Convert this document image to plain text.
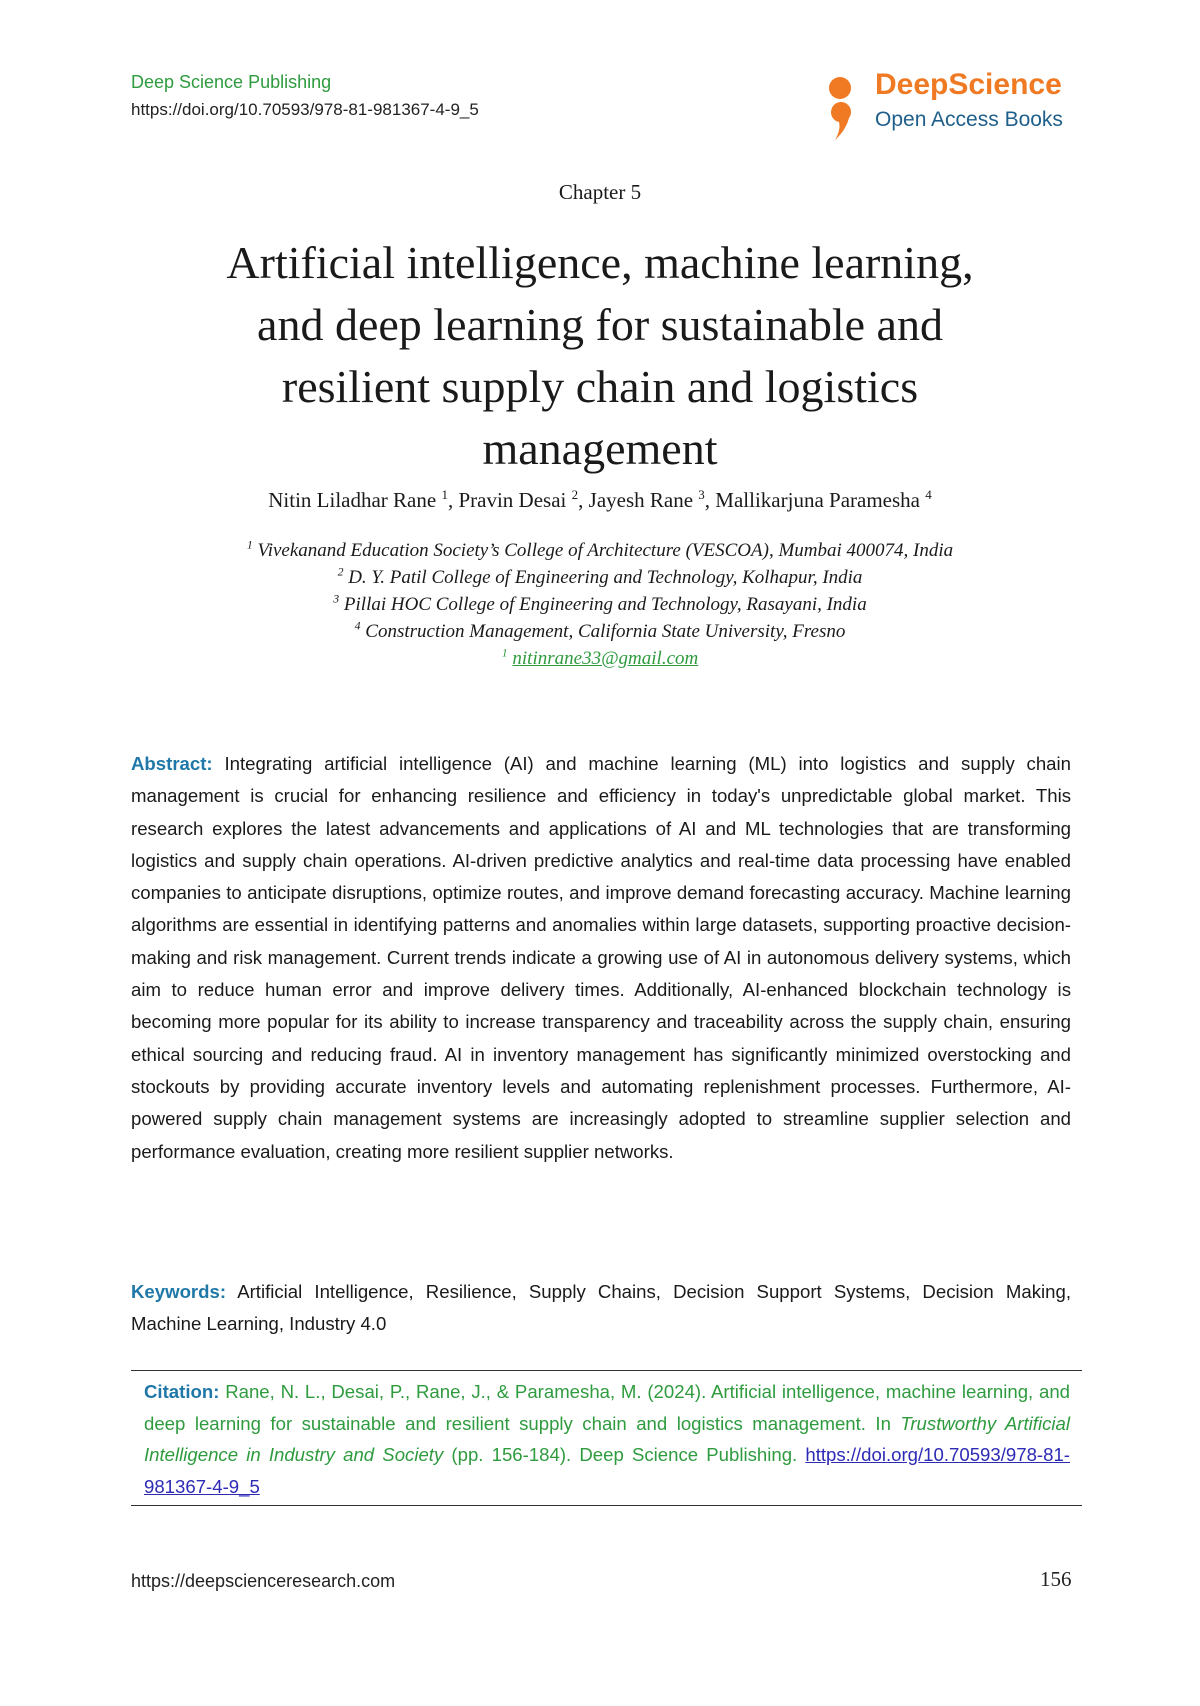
Deep Science Publishing
https://doi.org/10.70593/978-81-981367-4-9_5
DeepScience
Open Access Books
Chapter 5
Artificial intelligence, machine learning,
and deep learning for sustainable and
resilient supply chain and logistics
management
Nitin Liladhar Rane $^1$, Pravin Desai $^2$, Jayesh Rane $^3$, Mallikarjuna Paramesha $^4$
$^1$ Vivekanand Education Society’s College of Architecture (VESCOA), Mumbai 400074, India
$^2$ D. Y. Patil College of Engineering and Technology, Kolhapur, India
$^3$ Pillai HOC College of Engineering and Technology, Rasayani, India
$^4$ Construction Management, California State University, Fresno
$^1$ nitinrane33@gmail.com
Abstract: Integrating artificial intelligence (AI) and machine learning (ML) into logistics and supply chain management is crucial for enhancing resilience and efficiency in today's unpredictable global market. This research explores the latest advancements and applications of AI and ML technologies that are transforming logistics and supply chain operations. AI-driven predictive analytics and real-time data processing have enabled companies to anticipate disruptions, optimize routes, and improve demand forecasting accuracy. Machine learning algorithms are essential in identifying patterns and anomalies within large datasets, supporting proactive decision-making and risk management. Current trends indicate a growing use of AI in autonomous delivery systems, which aim to reduce human error and improve delivery times. Additionally, AI-enhanced blockchain technology is becoming more popular for its ability to increase transparency and traceability across the supply chain, ensuring ethical sourcing and reducing fraud. AI in inventory management has significantly minimized overstocking and stockouts by providing accurate inventory levels and automating replenishment processes. Furthermore, AI-powered supply chain management systems are increasingly adopted to streamline supplier selection and performance evaluation, creating more resilient supplier networks.
Keywords: Artificial Intelligence, Resilience, Supply Chains, Decision Support Systems, Decision Making, Machine Learning, Industry 4.0
Citation: Rane, N. L., Desai, P., Rane, J., & Paramesha, M. (2024). Artificial intelligence, machine learning, and deep learning for sustainable and resilient supply chain and logistics management. In Trustworthy Artificial Intelligence in Industry and Society (pp. 156-184). Deep Science Publishing. https://doi.org/10.70593/978-81-981367-4-9_5
https://deepscienceresearch.com	156
